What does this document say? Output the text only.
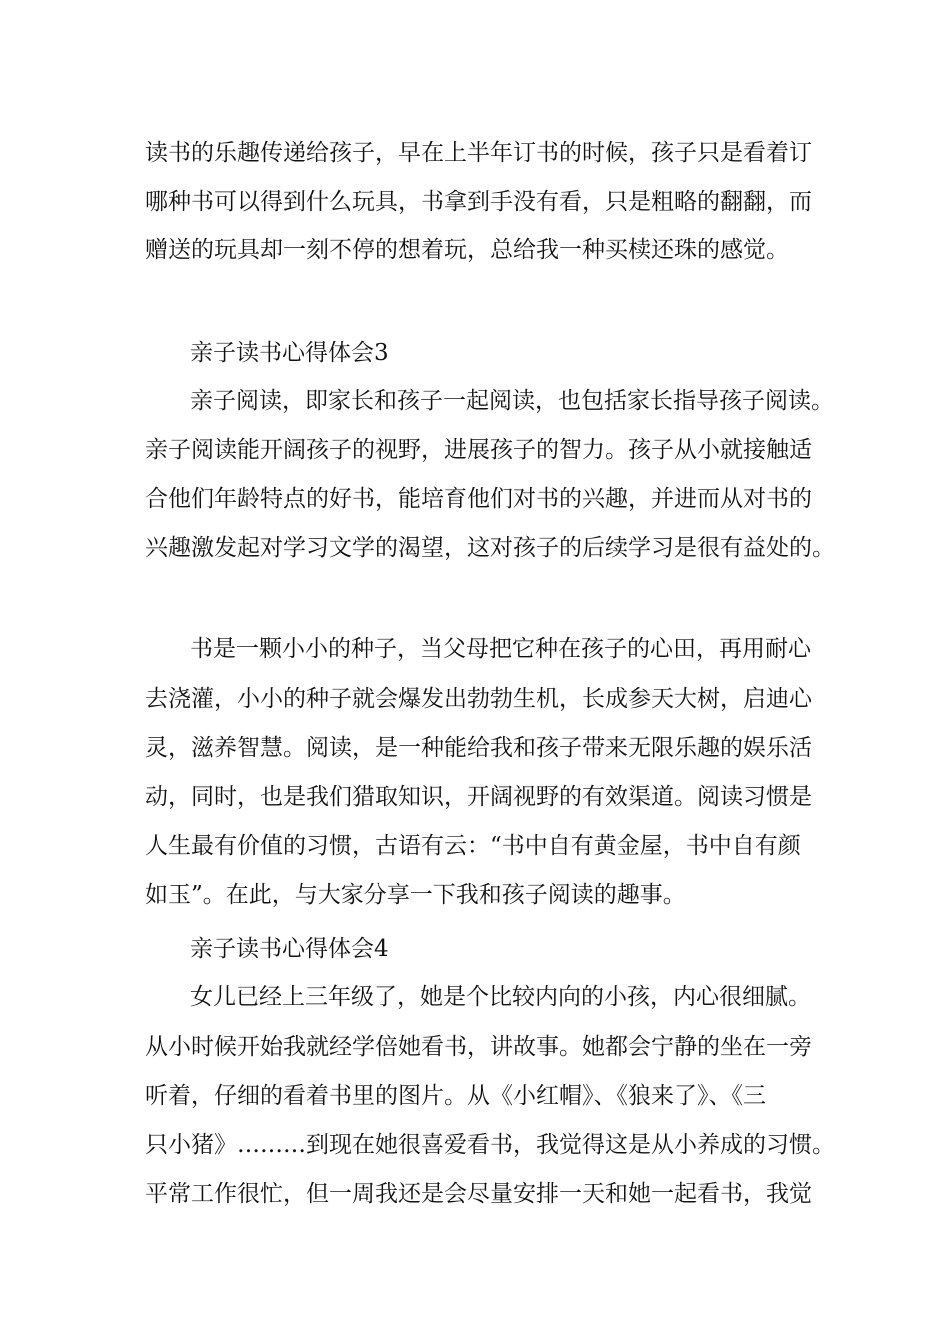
读书的乐趣传递给孩子，早在上半年订书的时候，孩子只是看着订
哪种书可以得到什么玩具，书拿到手没有看，只是粗略的翻翻，而
赠送的玩具却一刻不停的想着玩，总给我一种买椟还珠的感觉。
亲子读书心得体会3
亲子阅读，即家长和孩子一起阅读，也包括家长指导孩子阅读。
亲子阅读能开阔孩子的视野，进展孩子的智力。孩子从小就接触适
合他们年龄特点的好书，能培育他们对书的兴趣，并进而从对书的
兴趣激发起对学习文学的渴望，这对孩子的后续学习是很有益处的。
书是一颗小小的种子，当父母把它种在孩子的心田，再用耐心
去浇灌，小小的种子就会爆发出勃勃生机，长成参天大树，启迪心
灵，滋养智慧。阅读，是一种能给我和孩子带来无限乐趣的娱乐活
动，同时，也是我们猎取知识，开阔视野的有效渠道。阅读习惯是
人生最有价值的习惯，古语有云：“书中自有黄金屋，书中自有颜
如玉”。在此，与大家分享一下我和孩子阅读的趣事。
亲子读书心得体会4
女儿已经上三年级了，她是个比较内向的小孩，内心很细腻。
从小时候开始我就经学倍她看书，讲故事。她都会宁静的坐在一旁
听着，仔细的看着书里的图片。从《小红帽》、《狼来了》、《三
只小猪》………到现在她很喜爱看书，我觉得这是从小养成的习惯。
平常工作很忙，但一周我还是会尽量安排一天和她一起看书，我觉
